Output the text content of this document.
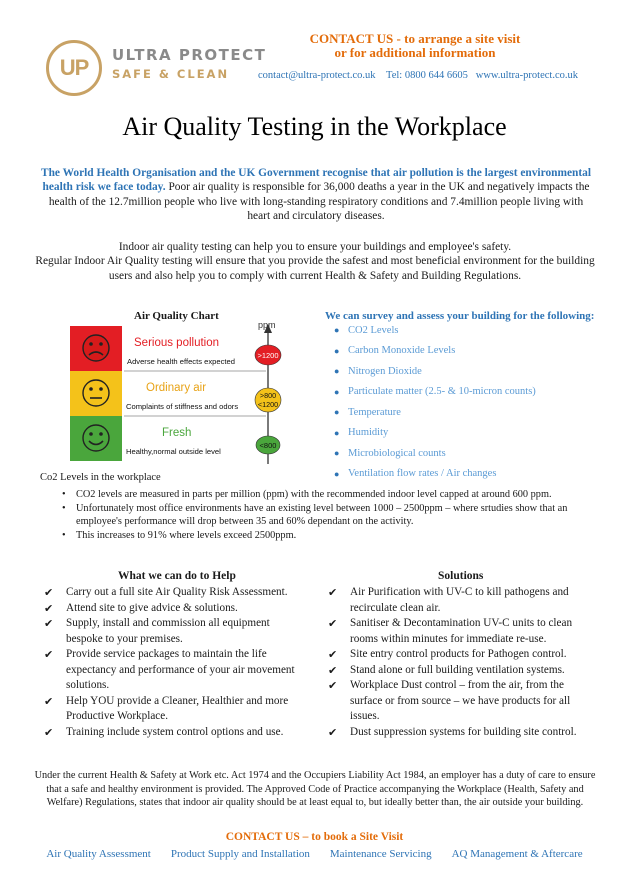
UP ULTRA PROTECT
SAFE & CLEAN
CONTACT US - to arrange a site visit
or for additional information
contact@ultra-protect.co.uk Tel: 0800 644 6605 www.ultra-protect.co.uk
Air Quality Testing in the Workplace
The World Health Organisation and the UK Government recognise that air pollution is the largest environmental health risk we face today. Poor air quality is responsible for 36,000 deaths a year in the UK and negatively impacts the health of the 12.7million people who live with long-standing respiratory conditions and 7.4million people living with heart and circulatory diseases.
Indoor air quality testing can help you to ensure your buildings and employee's safety.
Regular Indoor Air Quality testing will ensure that you provide the safest and most beneficial environment for the building users and also help you to comply with current Health & Safety and Building Regulations.
Air Quality Chart
ppm
Serious pollution
Adverse health effects expected
Ordinary air
Complaints of stiffness and odors
Fresh
Healthy,normal outside level
>1200
>800
<1200
<800
We can survey and assess your building for the following:
● CO2 Levels
● Carbon Monoxide Levels
● Nitrogen Dioxide
● Particulate matter (2.5- & 10-micron counts)
● Temperature
● Humidity
● Microbiological counts
● Ventilation flow rates / Air changes
Co2 Levels in the workplace
• CO2 levels are measured in parts per million (ppm) with the recommended indoor level capped at around 600 ppm.
• Unfortunately most office environments have an existing level between 1000 – 2500ppm – where srtudies show that an employee's performance will drop between 35 and 60% dependant on the activity.
• This increases to 91% where levels exceed 2500ppm.
What we can do to Help
✔ Carry out a full site Air Quality Risk Assessment.
✔ Attend site to give advice & solutions.
✔ Supply, install and commission all equipment bespoke to your premises.
✔ Provide service packages to maintain the life expectancy and performance of your air movement solutions.
✔ Help YOU provide a Cleaner, Healthier and more Productive Workplace.
✔ Training include system control options and use.
Solutions
✔ Air Purification with UV-C to kill pathogens and recirculate clean air.
✔ Sanitiser & Decontamination UV-C units to clean rooms within minutes for immediate re-use.
✔ Site entry control products for Pathogen control.
✔ Stand alone or full building ventilation systems.
✔ Workplace Dust control – from the air, from the surface or from source – we have products for all issues.
✔ Dust suppression systems for building site control.
Under the current Health & Safety at Work etc. Act 1974 and the Occupiers Liability Act 1984, an employer has a duty of care to ensure that a safe and healthy environment is provided. The Approved Code of Practice accompanying the Workplace (Health, Safety and Welfare) Regulations, states that indoor air quality should be at least equal to, but ideally better than, the air outside your building.
CONTACT US – to book a Site Visit
Air Quality Assessment Product Supply and Installation Maintenance Servicing AQ Management & Aftercare
